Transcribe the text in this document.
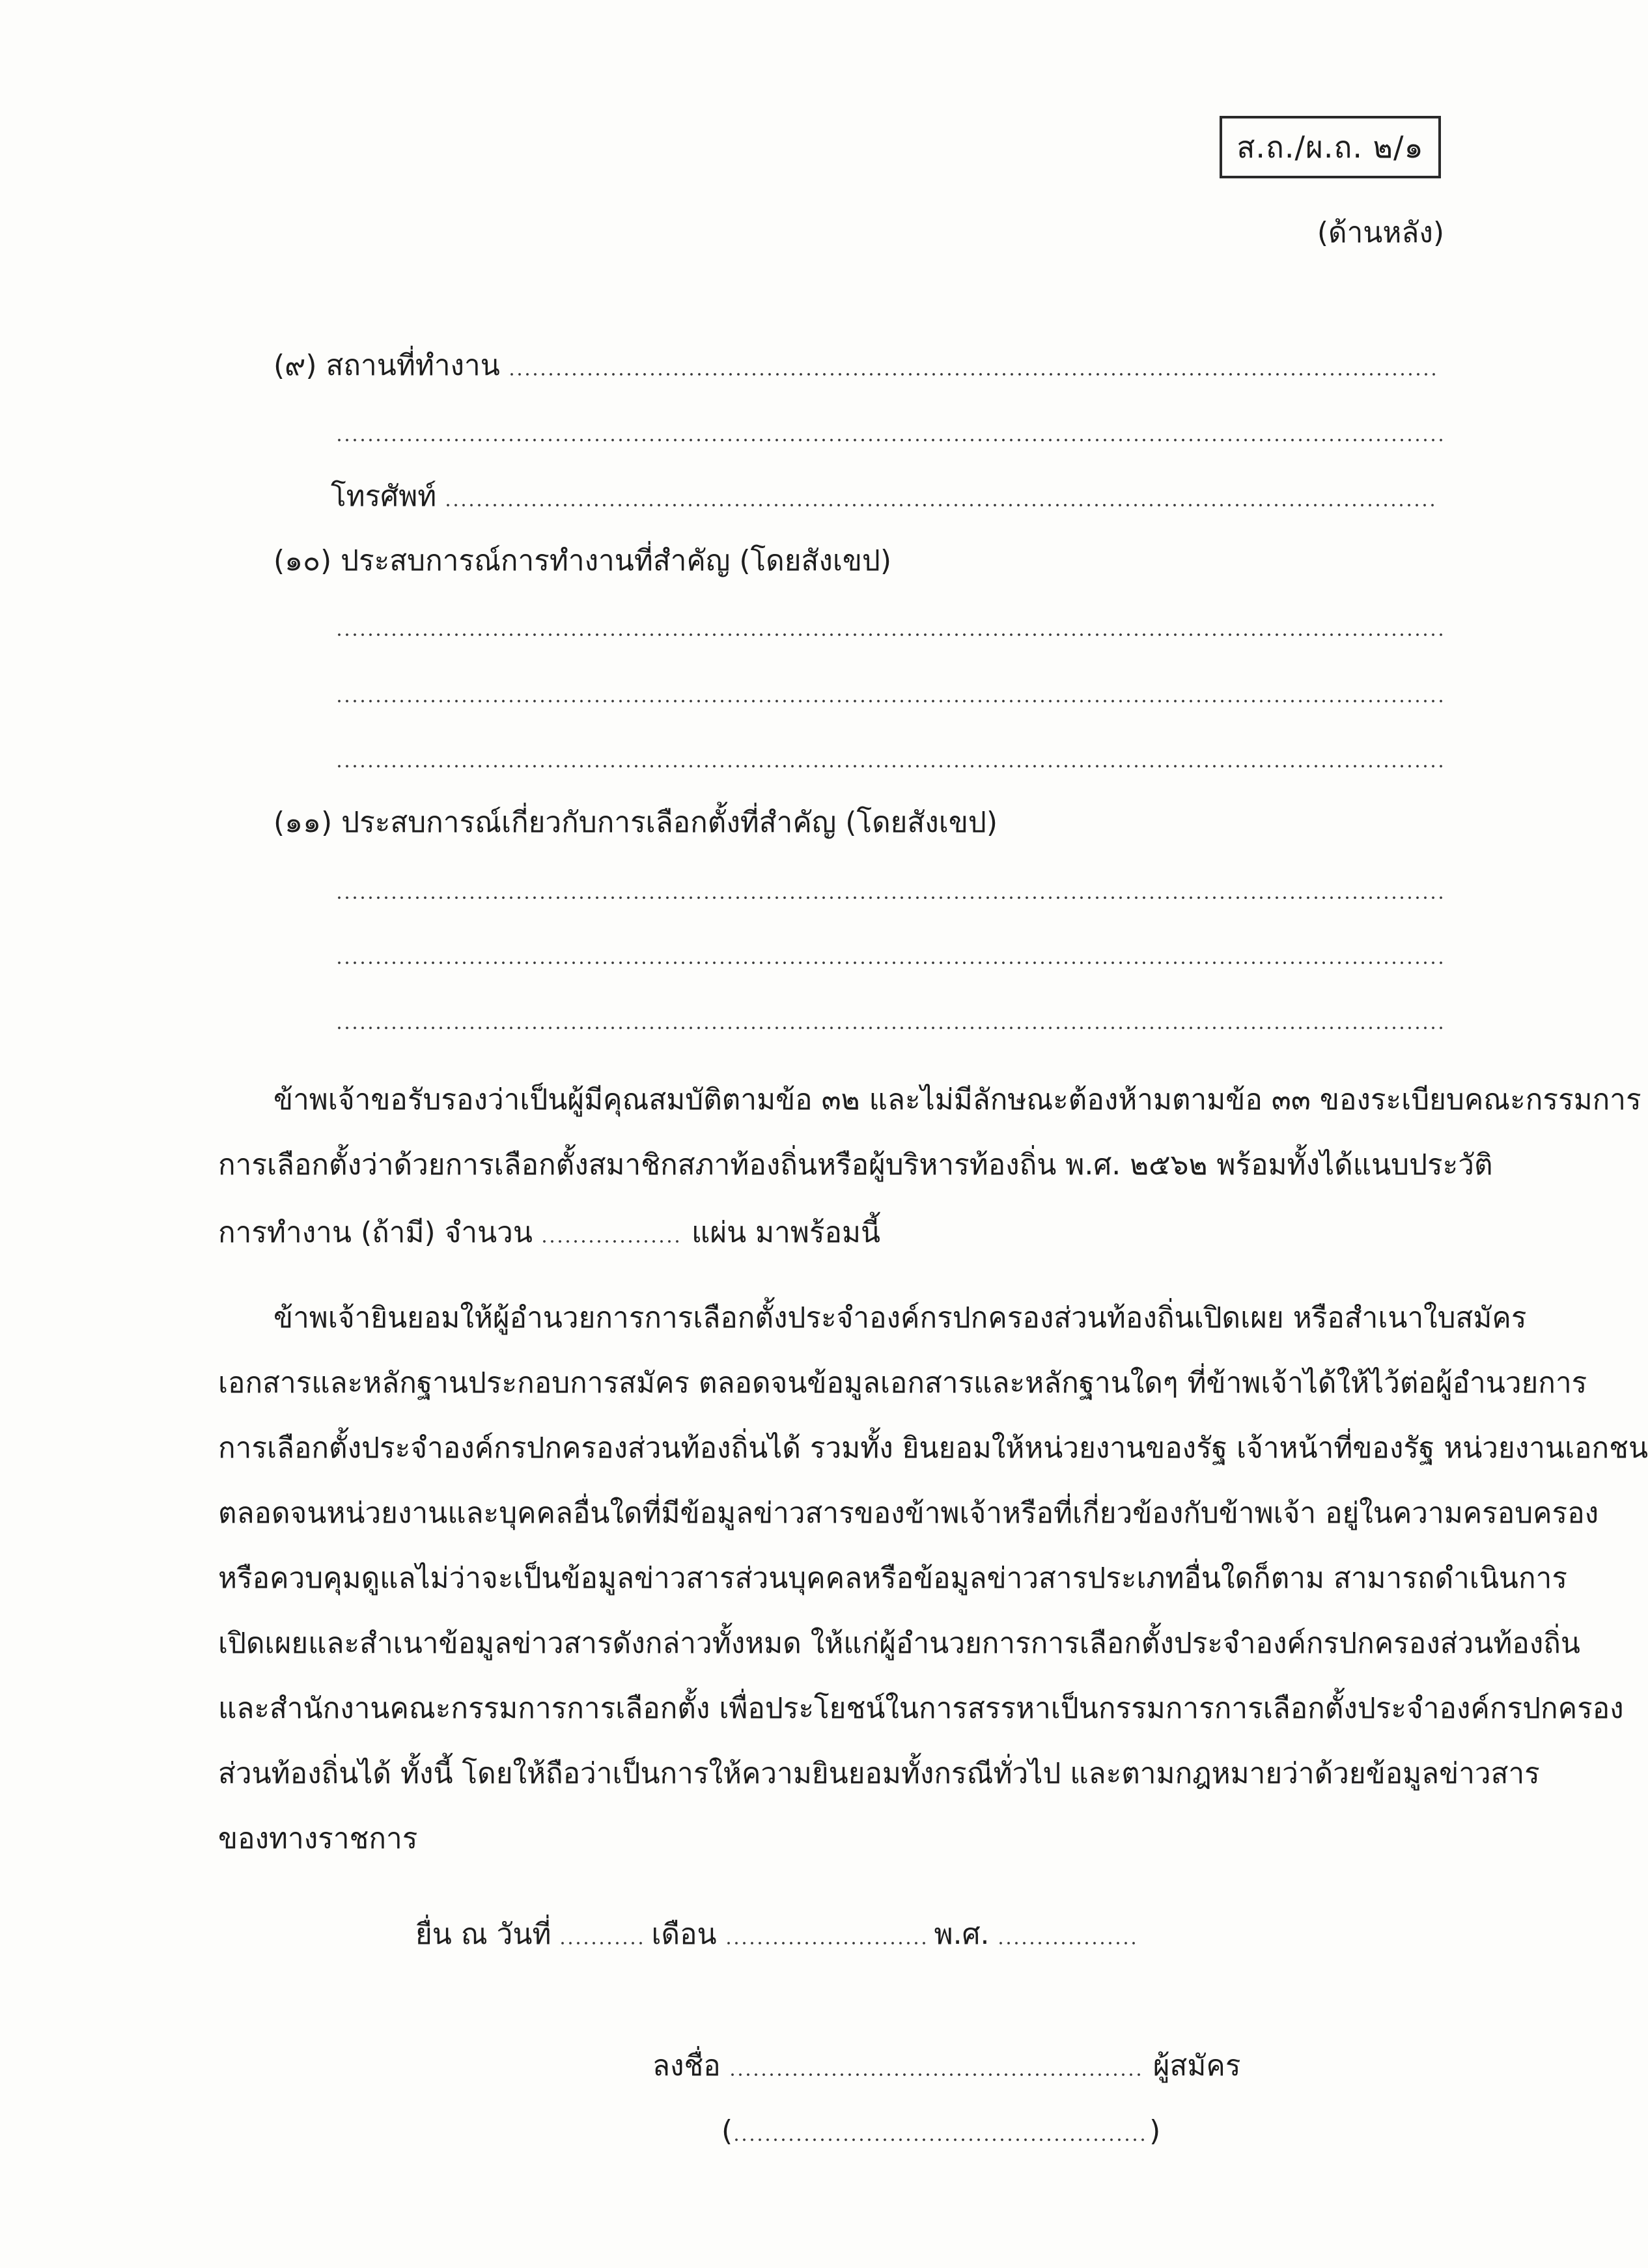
ส.ถ./ผ.ถ. ๒/๑
(ด้านหลัง)
(๙) สถานที่ทำงาน
โทรศัพท์
(๑๐) ประสบการณ์การทำงานที่สำคัญ (โดยสังเขป)
(๑๑) ประสบการณ์เกี่ยวกับการเลือกตั้งที่สำคัญ (โดยสังเขป)
ข้าพเจ้าขอรับรองว่าเป็นผู้มีคุณสมบัติตามข้อ ๓๒ และไม่มีลักษณะต้องห้ามตามข้อ ๓๓ ของระเบียบคณะกรรมการ
การเลือกตั้งว่าด้วยการเลือกตั้งสมาชิกสภาท้องถิ่นหรือผู้บริหารท้องถิ่น พ.ศ. ๒๕๖๒ พร้อมทั้งได้แนบประวัติ
การทำงาน (ถ้ามี) จำนวน	แผ่น มาพร้อมนี้
ข้าพเจ้ายินยอมให้ผู้อำนวยการการเลือกตั้งประจำองค์กรปกครองส่วนท้องถิ่นเปิดเผย หรือสำเนาใบสมัคร
เอกสารและหลักฐานประกอบการสมัคร ตลอดจนข้อมูลเอกสารและหลักฐานใดๆ ที่ข้าพเจ้าได้ให้ไว้ต่อผู้อำนวยการ
การเลือกตั้งประจำองค์กรปกครองส่วนท้องถิ่นได้ รวมทั้ง ยินยอมให้หน่วยงานของรัฐ เจ้าหน้าที่ของรัฐ หน่วยงานเอกชน
ตลอดจนหน่วยงานและบุคคลอื่นใดที่มีข้อมูลข่าวสารของข้าพเจ้าหรือที่เกี่ยวข้องกับข้าพเจ้า อยู่ในความครอบครอง
หรือควบคุมดูแลไม่ว่าจะเป็นข้อมูลข่าวสารส่วนบุคคลหรือข้อมูลข่าวสารประเภทอื่นใดก็ตาม สามารถดำเนินการ
เปิดเผยและสำเนาข้อมูลข่าวสารดังกล่าวทั้งหมด ให้แก่ผู้อำนวยการการเลือกตั้งประจำองค์กรปกครองส่วนท้องถิ่น
และสำนักงานคณะกรรมการการเลือกตั้ง เพื่อประโยชน์ในการสรรหาเป็นกรรมการการเลือกตั้งประจำองค์กรปกครอง
ส่วนท้องถิ่นได้ ทั้งนี้ โดยให้ถือว่าเป็นการให้ความยินยอมทั้งกรณีทั่วไป และตามกฎหมายว่าด้วยข้อมูลข่าวสาร
ของทางราชการ
ยื่น ณ วันที่	เดือน	พ.ศ.
ลงชื่อ	ผู้สมัคร
(	)
